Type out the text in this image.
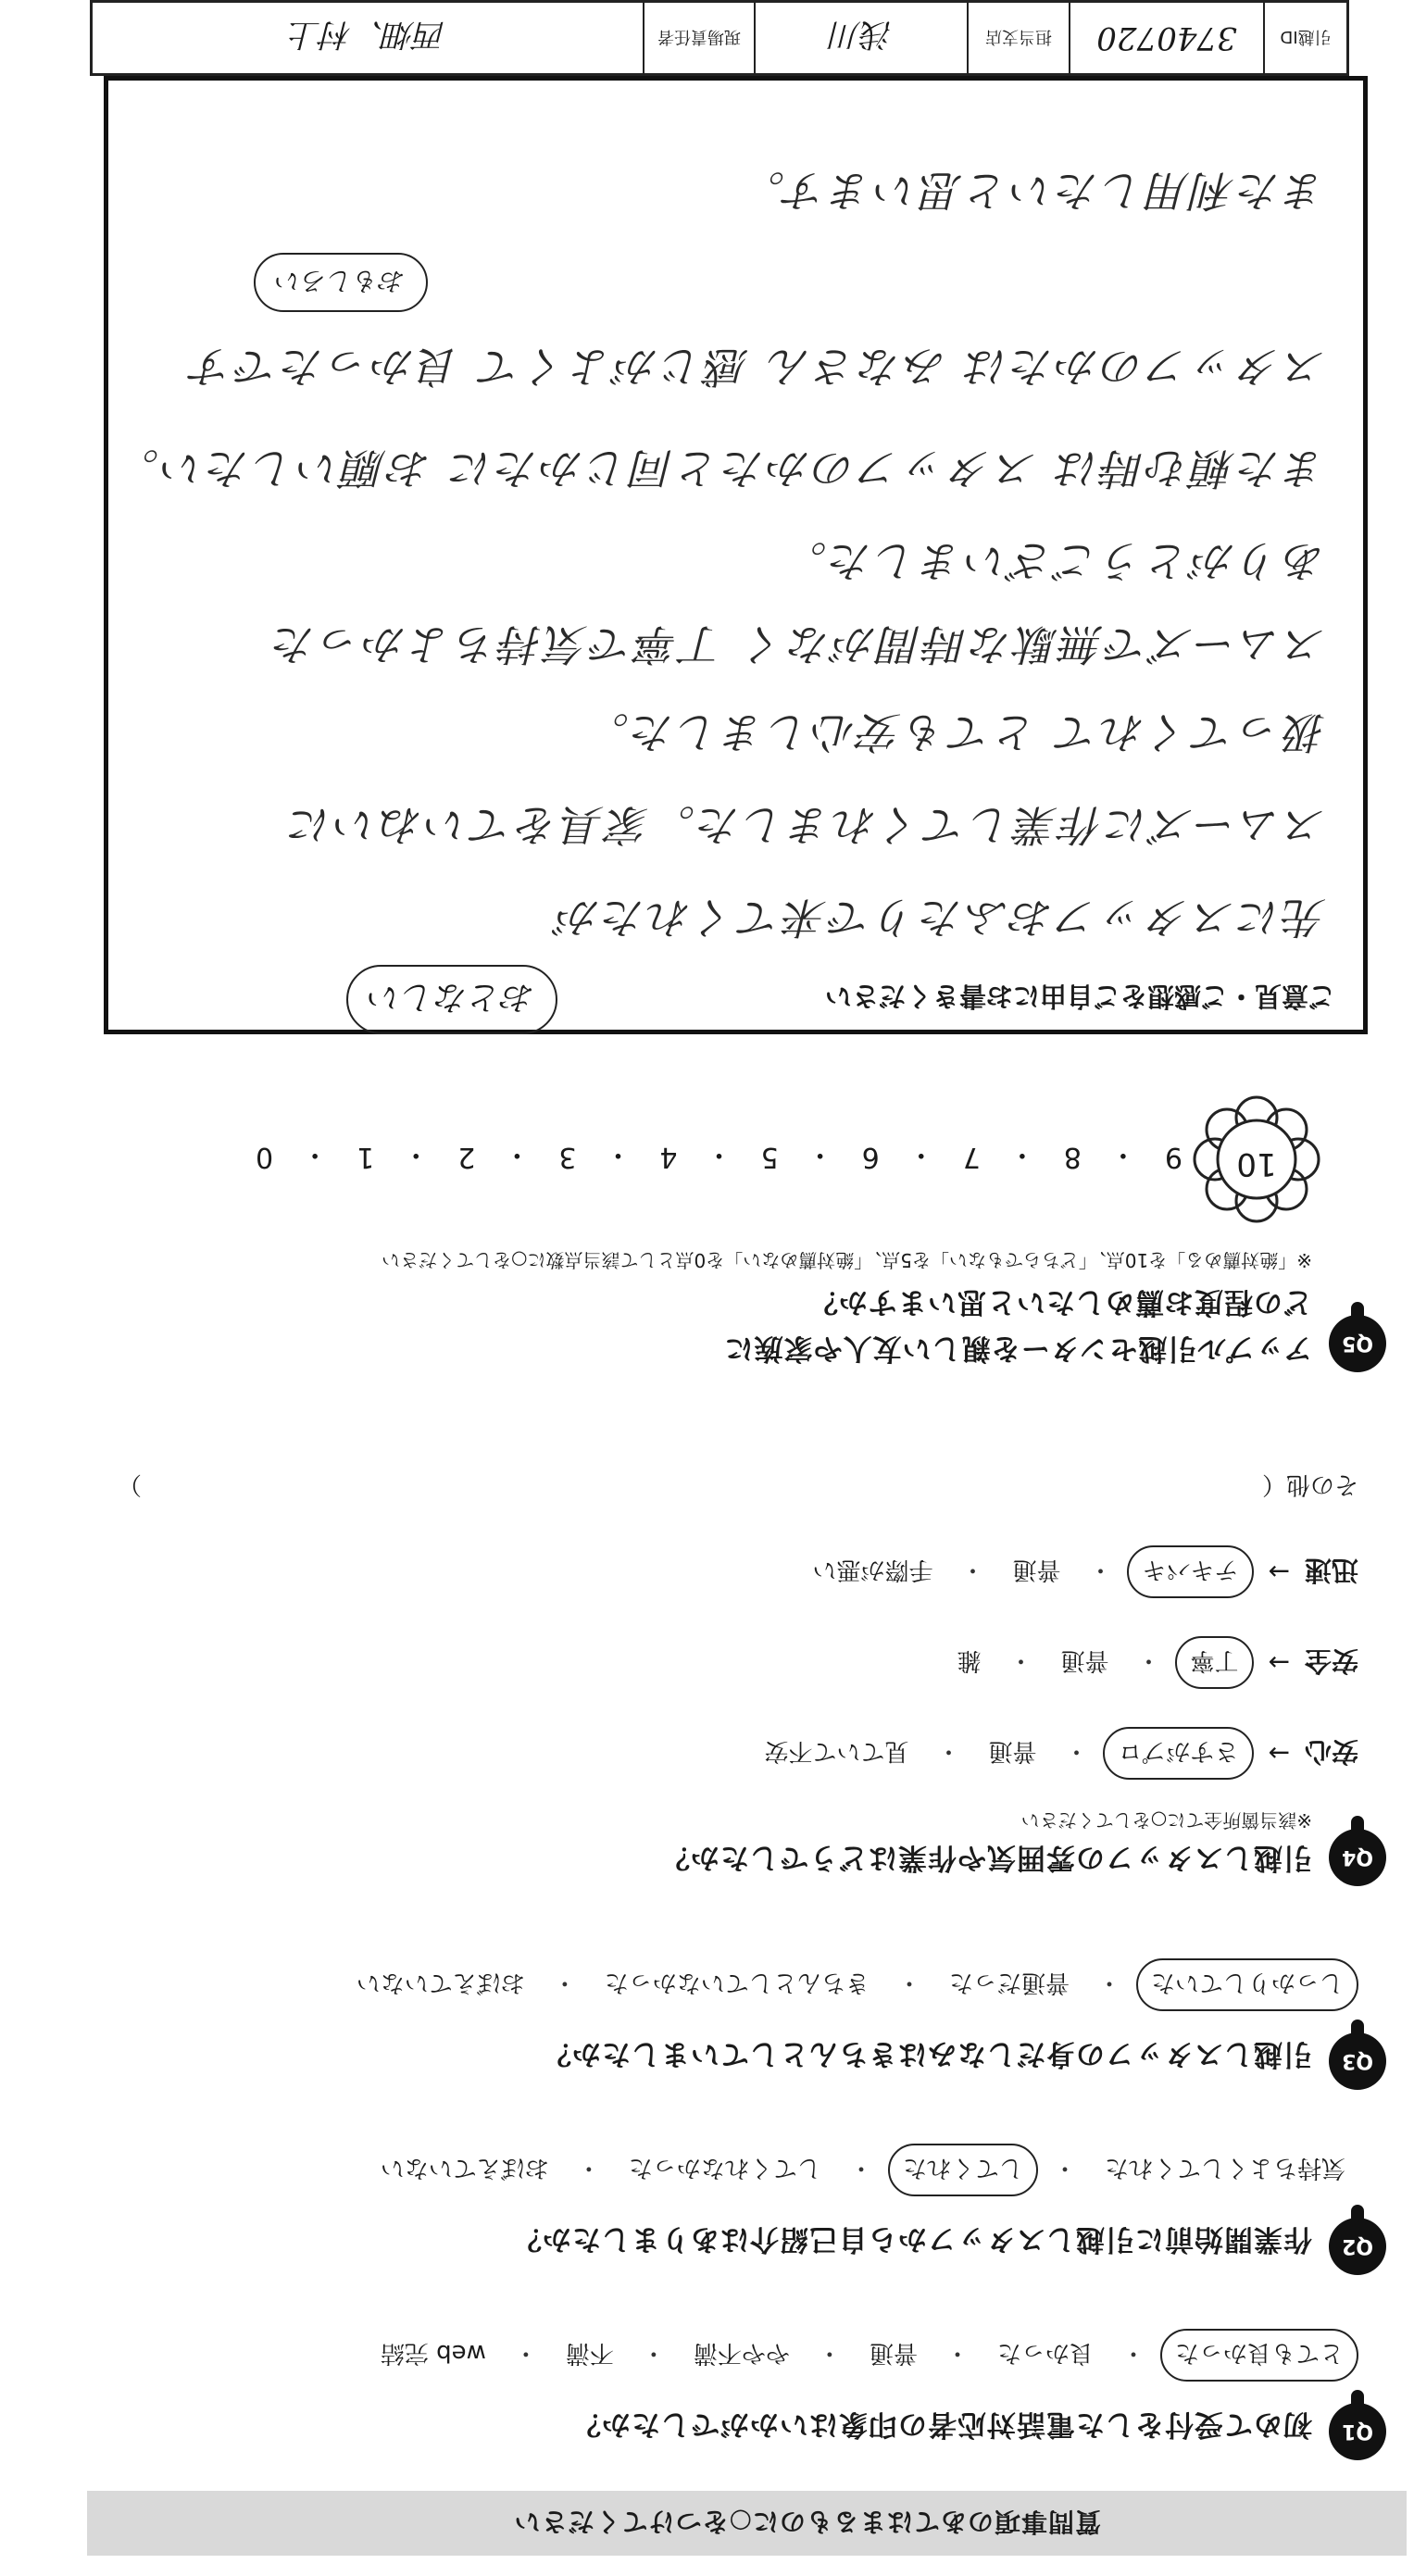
質問事項のあてはまるものに○をつけてください
Q1
初めて受付をした電話対応者の印象はいかがでしたか？
とても良かった
・
良かった
・
普通
・
やや不満
・
不満
・
web 完結
Q2
作業開始前に引越しスタッフから自己紹介はありましたか？
気持ちよくしてくれた
・
してくれた
・
してくれなかった
・
おぼえていない
Q3
引越しスタッフの身だしなみはきちんとしていましたか？
しっかりしていた
・
普通だった
・
きちんとしていなかった
・
おぼえていない
Q4
引越しスタッフの雰囲気や作業はどうでしたか？
※該当箇所全てに○をしてください
安心
→
さすがプロ
・
普通
・
見ていて不安
安全
→
丁寧
・
普通
・
雑
迅速
→
テキパキ
・
普通
・
手際が悪い
その他（
）
Q5
アップル引越センターを親しい友人や家族に
どの程度お薦めしたいと思いますか？
※「絶対薦める」を10点、「どちらでもない」を5点、「絶対薦めない」を0点として該当点数に○をしてください
10
9
・
8
・
7
・
6
・
5
・
4
・
3
・
2
・
1
・
0
ご意見・ご感想をご自由にお書きください
おとなしい
先にスタッフおふたりで来てくれたが
スムーズに作業してくれました。家具をていねいに
扱ってくれて とても安心しました。
スムーズで無駄な時間がなく 丁寧で気持ちよかった
ありがとうございました。
また頼む時は スタッフのかたと同じかたに お願いしたい。
スタッフのかたは みなさん 感じがよくて 良かったです
おもしろい
また利用したいと思います。
引越ID
3740720
担当支店
浅川
現場責任者
西畑、村上
